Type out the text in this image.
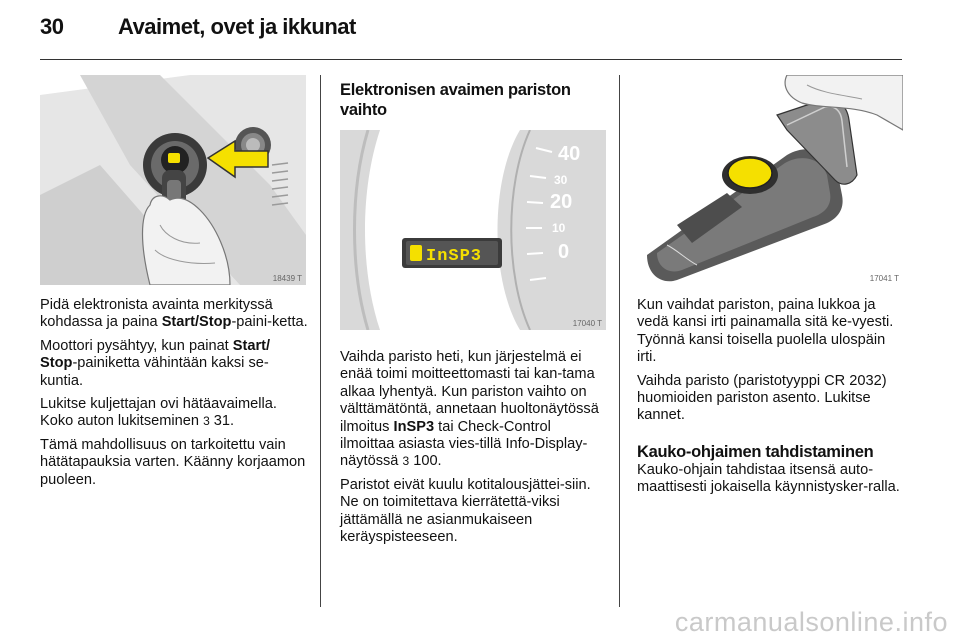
30 Avaimet, ovet ja ikkunat
18439 T

Pidä elektronista avainta merkityssä kohdassa ja paina Start/Stop-paini-ketta.

Moottori pysähtyy, kun painat Start/ Stop-painiketta vähintään kaksi se-kuntia.

Lukitse kuljettajan ovi hätäavaimella. Koko auton lukitseminen 3 31.

Tämä mahdollisuus on tarkoitettu vain hätätapauksia varten. Käänny korjaamon puoleen.

Elektronisen avaimen pariston vaihto
40
30
20
10
0
InSP3
17040 T

Vaihda paristo heti, kun järjestelmä ei enää toimi moitteettomasti tai kan-tama alkaa lyhentyä. Kun pariston vaihto on välttämätöntä, annetaan huoltonäytössä ilmoitus InSP3 tai Check-Control ilmoittaa asiasta vies-tillä Info-Display-näytössä 3 100.

Paristot eivät kuulu kotitalousjättei-siin. Ne on toimitettava kierrätettä-viksi jättämällä ne asianmukaiseen keräyspisteeseen.

17041 T

Kun vaihdat pariston, paina lukkoa ja vedä kansi irti painamalla sitä ke-vyesti. Työnnä kansi toisella puolella ulospäin irti.

Vaihda paristo (paristotyyppi CR 2032) huomioiden pariston asento. Lukitse kannet.

Kauko-ohjaimen tahdistaminen

Kauko-ohjain tahdistaa itsensä auto-maattisesti jokaisella käynnistysker-ralla.

carmanualsonline.info
